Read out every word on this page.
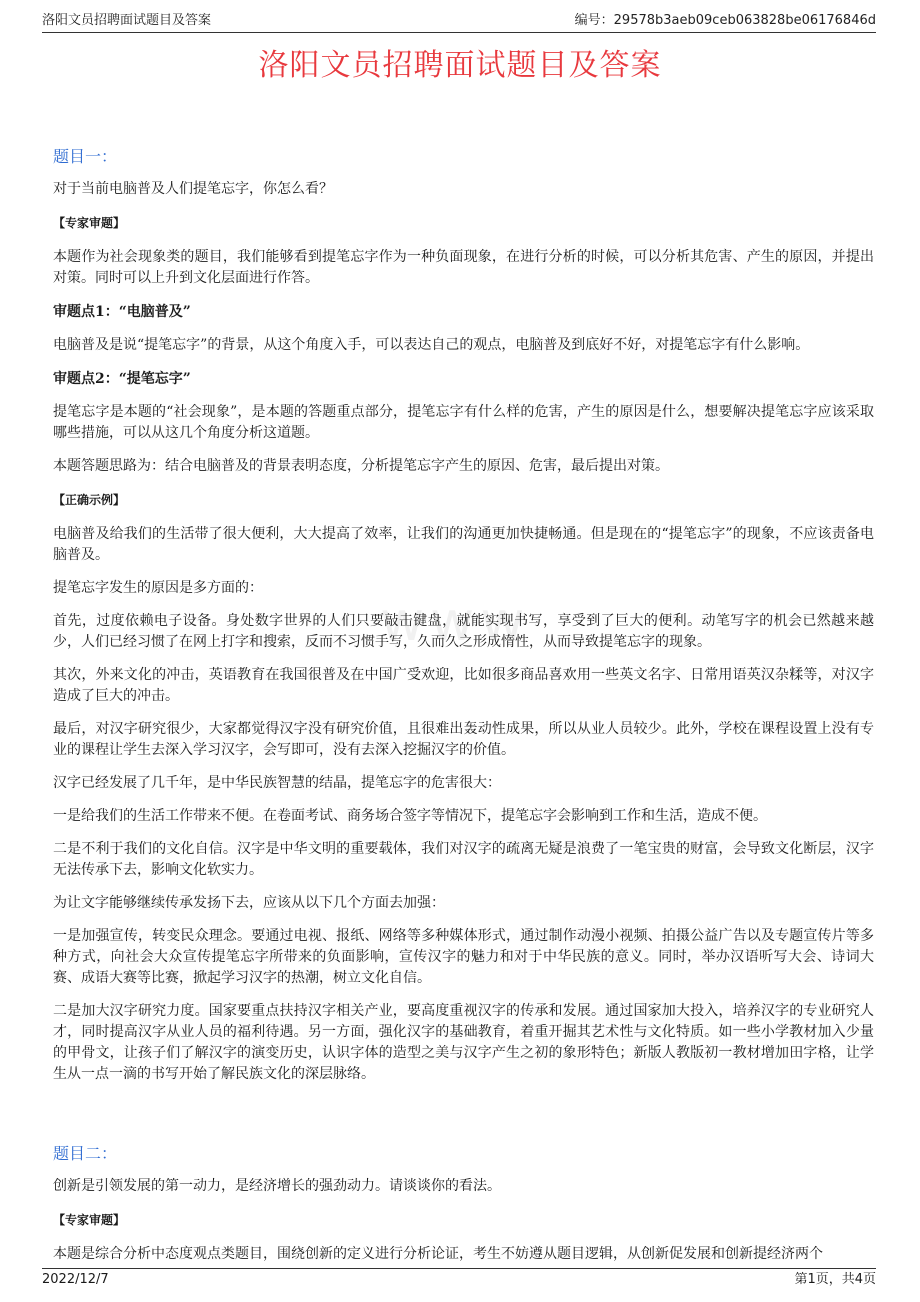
洛阳文员招聘面试题目及答案	编号：29578b3aeb09ceb063828be06176846d
洛阳文员招聘面试题目及答案
www
题目一：

对于当前电脑普及人们提笔忘字，你怎么看？

【专家审题】

本题作为社会现象类的题目，我们能够看到提笔忘字作为一种负面现象，在进行分析的时候，可以分析其危害、产生的原因，并提出对策。同时可以上升到文化层面进行作答。

审题点1：“电脑普及”

电脑普及是说“提笔忘字”的背景，从这个角度入手，可以表达自己的观点，电脑普及到底好不好，对提笔忘字有什么影响。

审题点2：“提笔忘字”

提笔忘字是本题的“社会现象”，是本题的答题重点部分，提笔忘字有什么样的危害，产生的原因是什么，想要解决提笔忘字应该采取哪些措施，可以从这几个角度分析这道题。

本题答题思路为：结合电脑普及的背景表明态度，分析提笔忘字产生的原因、危害，最后提出对策。

【正确示例】

电脑普及给我们的生活带了很大便利，大大提高了效率，让我们的沟通更加快捷畅通。但是现在的“提笔忘字”的现象，不应该责备电脑普及。

提笔忘字发生的原因是多方面的：

首先，过度依赖电子设备。身处数字世界的人们只要敲击键盘，就能实现书写，享受到了巨大的便利。动笔写字的机会已然越来越少，人们已经习惯了在网上打字和搜索，反而不习惯手写，久而久之形成惰性，从而导致提笔忘字的现象。

其次，外来文化的冲击，英语教育在我国很普及在中国广受欢迎，比如很多商品喜欢用一些英文名字、日常用语英汉杂糅等，对汉字造成了巨大的冲击。

最后，对汉字研究很少，大家都觉得汉字没有研究价值，且很难出轰动性成果，所以从业人员较少。此外，学校在课程设置上没有专业的课程让学生去深入学习汉字，会写即可，没有去深入挖掘汉字的价值。

汉字已经发展了几千年，是中华民族智慧的结晶，提笔忘字的危害很大：

一是给我们的生活工作带来不便。在卷面考试、商务场合签字等情况下，提笔忘字会影响到工作和生活，造成不便。

二是不利于我们的文化自信。汉字是中华文明的重要载体，我们对汉字的疏离无疑是浪费了一笔宝贵的财富，会导致文化断层，汉字无法传承下去，影响文化软实力。

为让文字能够继续传承发扬下去，应该从以下几个方面去加强：

一是加强宣传，转变民众理念。要通过电视、报纸、网络等多种媒体形式，通过制作动漫小视频、拍摄公益广告以及专题宣传片等多种方式，向社会大众宣传提笔忘字所带来的负面影响，宣传汉字的魅力和对于中华民族的意义。同时，举办汉语听写大会、诗词大赛、成语大赛等比赛，掀起学习汉字的热潮，树立文化自信。

二是加大汉字研究力度。国家要重点扶持汉字相关产业，要高度重视汉字的传承和发展。通过国家加大投入，培养汉字的专业研究人才，同时提高汉字从业人员的福利待遇。另一方面，强化汉字的基础教育，着重开掘其艺术性与文化特质。如一些小学教材加入少量的甲骨文，让孩子们了解汉字的演变历史，认识字体的造型之美与汉字产生之初的象形特色；新版人教版初一教材增加田字格，让学生从一点一滴的书写开始了解民族文化的深层脉络。

题目二：

创新是引领发展的第一动力，是经济增长的强劲动力。请谈谈你的看法。

【专家审题】

本题是综合分析中态度观点类题目，围绕创新的定义进行分析论证，考生不妨遵从题目逻辑，从创新促发展和创新提经济两个

2022/12/7	第1页，共4页
